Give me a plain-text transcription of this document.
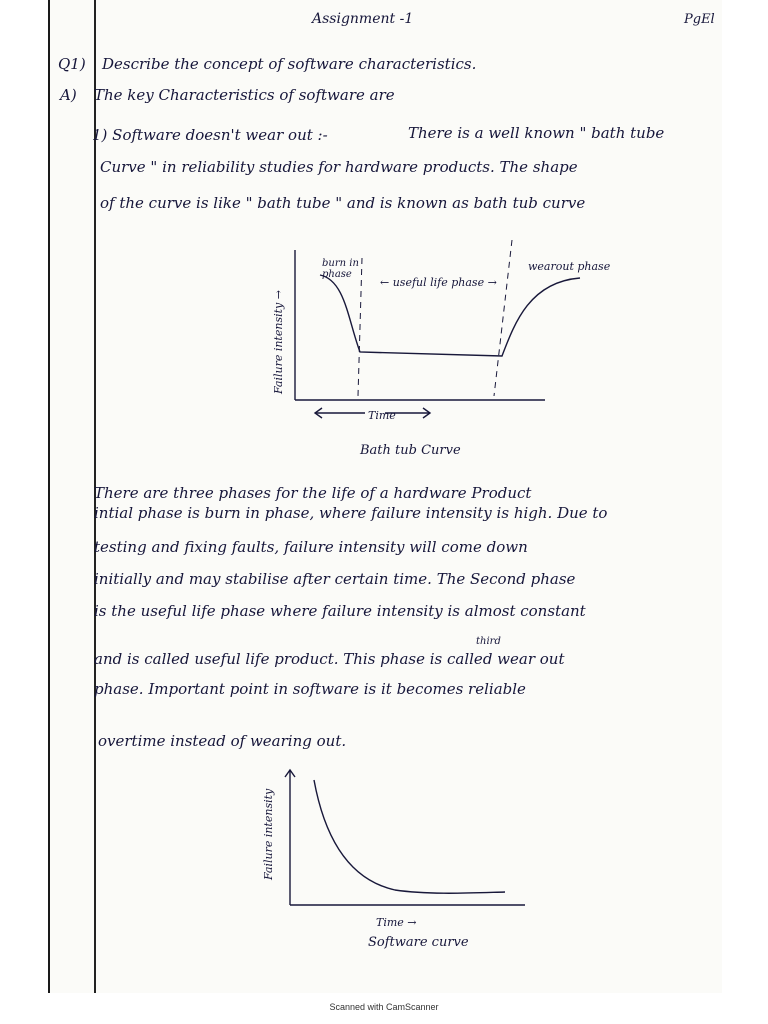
Assignment -1	PgEl
Q1) Describe the concept of software characteristics.
A) The key Characteristics of software are
1) Software doesn't wear out :-	There is a well known " bath tube
Curve " in reliability studies for hardware products. The shape
of the curve is like " bath tube " and is known as bath tub curve
Failure intensity →
burn in phase
← useful life phase →
wearout phase
Time
Bath tub Curve
There are three phases for the life of a hardware Product
intial phase is burn in phase, where failure intensity is high. Due to
testing and fixing faults, failure intensity will come down
initially and may stabilise after certain time. The Second phase
is the useful life phase where failure intensity is almost constant
third
and is called useful life product. This phase is called wear out
phase. Important point in software is it becomes reliable
overtime instead of wearing out.
Failure intensity
Time →
Software curve
Scanned with CamScanner
